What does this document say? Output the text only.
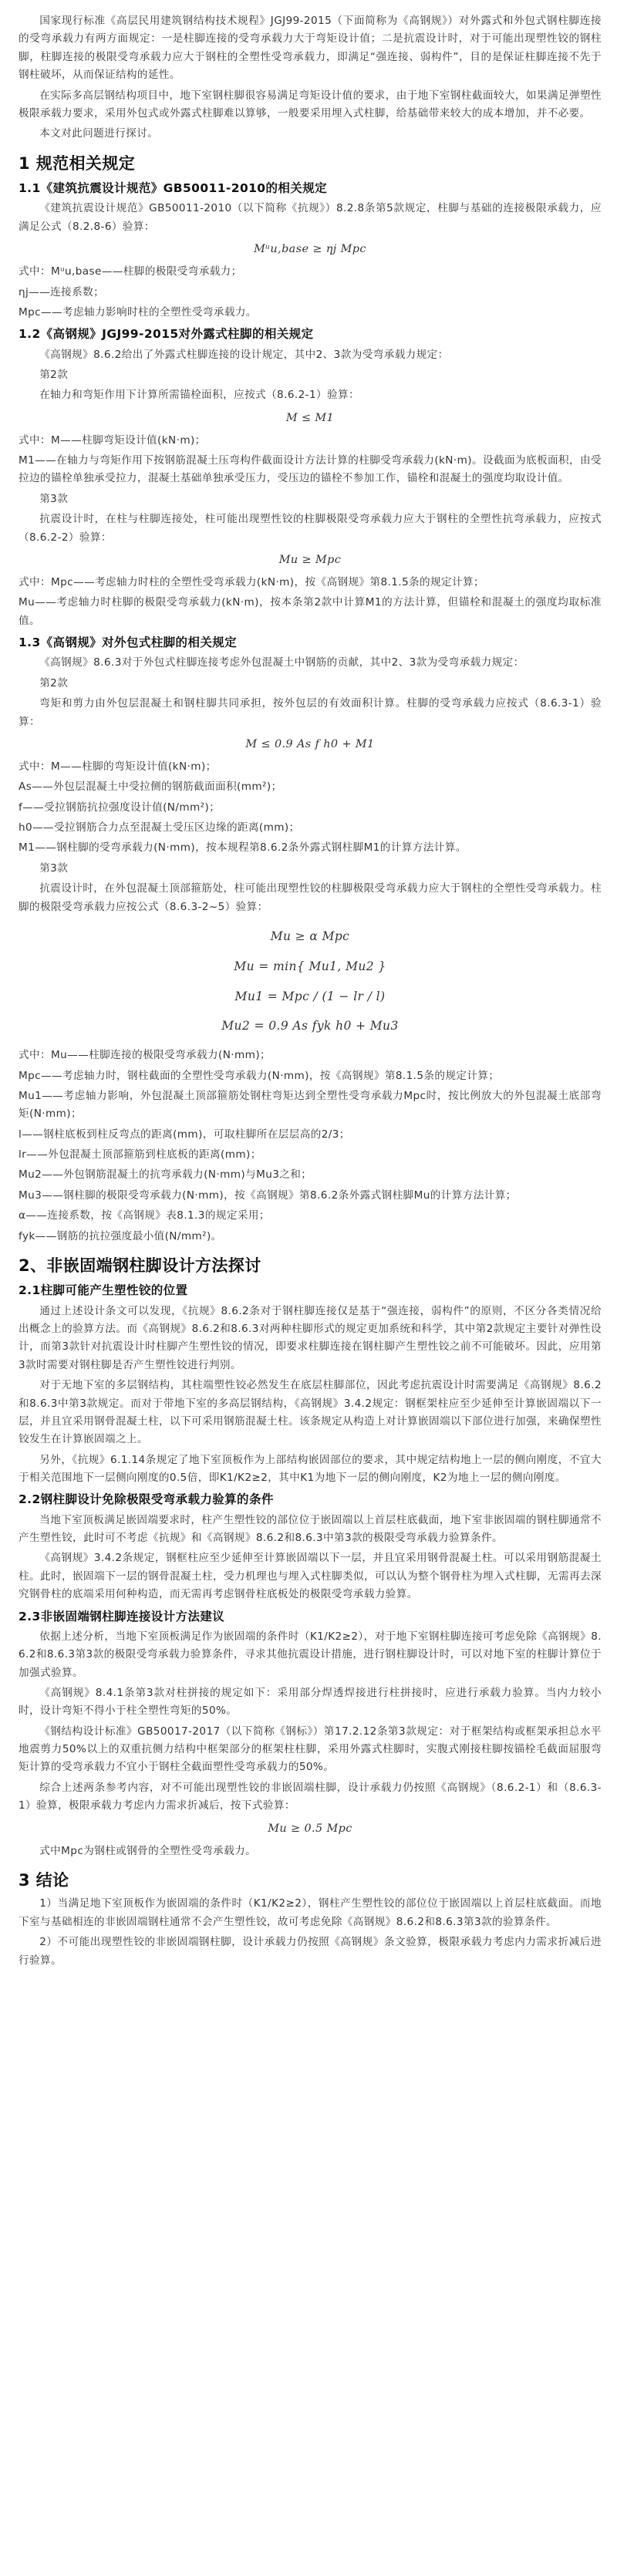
国家现行标准《高层民用建筑钢结构技术规程》JGJ99-2015（下面简称为《高钢规》）对外露式和外包式钢柱脚连接的受弯承载力有两方面规定：一是柱脚连接的受弯承载力大于弯矩设计值；二是抗震设计时，对于可能出现塑性铰的钢柱脚，柱脚连接的极限受弯承载力应大于钢柱的全塑性受弯承载力，即满足“强连接、弱构件”，目的是保证柱脚连接不先于钢柱破坏，从而保证结构的延性。

在实际多高层钢结构项目中，地下室钢柱脚很容易满足弯矩设计值的要求，由于地下室钢柱截面较大，如果满足弹塑性极限承载力要求，采用外包式或外露式柱脚难以算够，一般要采用埋入式柱脚，给基础带来较大的成本增加，并不必要。

本文对此问题进行探讨。

1 规范相关规定
1.1《建筑抗震设计规范》GB50011-2010的相关规定

《建筑抗震设计规范》GB50011-2010（以下简称《抗规》）8.2.8条第5款规定，柱脚与基础的连接极限承载力，应满足公式（8.2.8-6）验算：

Mᵘu,base ≥ ηj Mpc

式中：Mᵘu,base——柱脚的极限受弯承载力；

ηj——连接系数；

Mpc——考虑轴力影响时柱的全塑性受弯承载力。

1.2《高钢规》JGJ99-2015对外露式柱脚的相关规定

《高钢规》8.6.2给出了外露式柱脚连接的设计规定，其中2、3款为受弯承载力规定：

第2款

在轴力和弯矩作用下计算所需锚栓面积，应按式（8.6.2-1）验算：

M ≤ M1

式中：M——柱脚弯矩设计值(kN·m)；

M1——在轴力与弯矩作用下按钢筋混凝土压弯构件截面设计方法计算的柱脚受弯承载力(kN·m)。设截面为底板面积，由受拉边的锚栓单独承受拉力，混凝土基础单独承受压力，受压边的锚栓不参加工作，锚栓和混凝土的强度均取设计值。

第3款

抗震设计时，在柱与柱脚连接处，柱可能出现塑性铰的柱脚极限受弯承载力应大于钢柱的全塑性抗弯承载力，应按式（8.6.2-2）验算：

Mu ≥ Mpc

式中：Mpc——考虑轴力时柱的全塑性受弯承载力(kN·m)，按《高钢规》第8.1.5条的规定计算；

Mu——考虑轴力时柱脚的极限受弯承载力(kN·m)，按本条第2款中计算M1的方法计算，但锚栓和混凝土的强度均取标准值。

1.3《高钢规》对外包式柱脚的相关规定

《高钢规》8.6.3对于外包式柱脚连接考虑外包混凝土中钢筋的贡献，其中2、3款为受弯承载力规定：

第2款

弯矩和剪力由外包层混凝土和钢柱脚共同承担，按外包层的有效面积计算。柱脚的受弯承载力应按式（8.6.3-1）验算：

M ≤ 0.9 As f h0 + M1

式中：M——柱脚的弯矩设计值(kN·m)；

As——外包层混凝土中受拉侧的钢筋截面面积(mm²)；

f——受拉钢筋抗拉强度设计值(N/mm²)；

h0——受拉钢筋合力点至混凝土受压区边缘的距离(mm)；

M1——钢柱脚的受弯承载力(N·mm)，按本规程第8.6.2条外露式钢柱脚M1的计算方法计算。

第3款

抗震设计时，在外包混凝土顶部箍筋处，柱可能出现塑性铰的柱脚极限受弯承载力应大于钢柱的全塑性受弯承载力。柱脚的极限受弯承载力应按公式（8.6.3-2~5）验算：

Mu ≥ α Mpc
Mu = min{ Mu1, Mu2 }
Mu1 = Mpc / (1 − lr / l)
Mu2 = 0.9 As fyk h0 + Mu3

式中：Mu——柱脚连接的极限受弯承载力(N·mm)；

Mpc——考虑轴力时，钢柱截面的全塑性受弯承载力(N·mm)，按《高钢规》第8.1.5条的规定计算；

Mu1——考虑轴力影响，外包混凝土顶部箍筋处钢柱弯矩达到全塑性受弯承载力Mpc时，按比例放大的外包混凝土底部弯矩(N·mm)；

l——钢柱底板到柱反弯点的距离(mm)，可取柱脚所在层层高的2/3；

lr——外包混凝土顶部箍筋到柱底板的距离(mm)；

Mu2——外包钢筋混凝土的抗弯承载力(N·mm)与Mu3之和；

Mu3——钢柱脚的极限受弯承载力(N·mm)，按《高钢规》第8.6.2条外露式钢柱脚Mu的计算方法计算；

α——连接系数，按《高钢规》表8.1.3的规定采用；

fyk——钢筋的抗拉强度最小值(N/mm²)。

2、非嵌固端钢柱脚设计方法探讨
2.1柱脚可能产生塑性铰的位置

通过上述设计条文可以发现，《抗规》8.6.2条对于钢柱脚连接仅是基于“强连接，弱构件”的原则，不区分各类情况给出概念上的验算方法。而《高钢规》8.6.2和8.6.3对两种柱脚形式的规定更加系统和科学，其中第2款规定主要针对弹性设计，而第3款针对抗震设计时柱脚产生塑性铰的情况，即要求柱脚连接在钢柱脚产生塑性铰之前不可能破坏。因此，应用第3款时需要对钢柱脚是否产生塑性铰进行判别。

对于无地下室的多层钢结构，其柱端塑性铰必然发生在底层柱脚部位，因此考虑抗震设计时需要满足《高钢规》8.6.2和8.6.3中第3款规定。而对于带地下室的多高层钢结构，《高钢规》3.4.2规定：钢框架柱应至少延伸至计算嵌固端以下一层，并且宜采用钢骨混凝土柱，以下可采用钢筋混凝土柱。该条规定从构造上对计算嵌固端以下部位进行加强，来确保塑性铰发生在计算嵌固端之上。

另外，《抗规》6.1.14条规定了地下室顶板作为上部结构嵌固部位的要求，其中规定结构地上一层的侧向刚度，不宜大于相关范围地下一层侧向刚度的0.5倍，即K1/K2≥2，其中K1为地下一层的侧向刚度，K2为地上一层的侧向刚度。

2.2钢柱脚设计免除极限受弯承载力验算的条件

当地下室顶板满足嵌固端要求时，柱产生塑性铰的部位位于嵌固端以上首层柱底截面，地下室非嵌固端的钢柱脚通常不产生塑性铰，此时可不考虑《抗规》和《高钢规》8.6.2和8.6.3中第3款的极限受弯承载力验算条件。

《高钢规》3.4.2条规定，钢框柱应至少延伸至计算嵌固端以下一层，并且宜采用钢骨混凝土柱。可以采用钢筋混凝土柱。此时，嵌固端下一层的钢骨混凝土柱，受力机理也与埋入式柱脚类似，可以认为整个钢骨柱为埋入式柱脚，无需再去深究钢骨柱的底端采用何种构造，而无需再考虑钢骨柱底板处的极限受弯承载力验算。

2.3非嵌固端钢柱脚连接设计方法建议

依据上述分析，当地下室顶板满足作为嵌固端的条件时（K1/K2≥2），对于地下室钢柱脚连接可考虑免除《高钢规》8.6.2和8.6.3第3款的极限受弯承载力验算条件，寻求其他抗震设计措施，进行钢柱脚设计时，可以对地下室的柱脚计算位于加强式验算。

《高钢规》8.4.1条第3款对柱拼接的规定如下：采用部分焊透焊接进行柱拼接时，应进行承载力验算。当内力较小时，设计弯矩不得小于柱全塑性弯矩的50%。

《钢结构设计标准》GB50017-2017（以下简称《钢标》）第17.2.12条第3款规定：对于框架结构或框架承担总水平地震剪力50%以上的双重抗侧力结构中框架部分的框架柱柱脚，采用外露式柱脚时，实腹式刚接柱脚按锚栓毛截面屈服弯矩计算的受弯承载力不宜小于钢柱全截面塑性受弯承载力的50%。

综合上述两条参考内容，对不可能出现塑性铰的非嵌固端柱脚，设计承载力仍按照《高钢规》（8.6.2-1）和（8.6.3-1）验算，极限承载力考虑内力需求折减后，按下式验算：

Mu ≥ 0.5 Mpc

式中Mpc为钢柱或钢骨的全塑性受弯承载力。

3 结论

1）当满足地下室顶板作为嵌固端的条件时（K1/K2≥2），钢柱产生塑性铰的部位位于嵌固端以上首层柱底截面。而地下室与基础相连的非嵌固端钢柱通常不会产生塑性铰，故可考虑免除《高钢规》8.6.2和8.6.3第3款的验算条件。

2）不可能出现塑性铰的非嵌固端钢柱脚，设计承载力仍按照《高钢规》条文验算，极限承载力考虑内力需求折减后进行验算。
